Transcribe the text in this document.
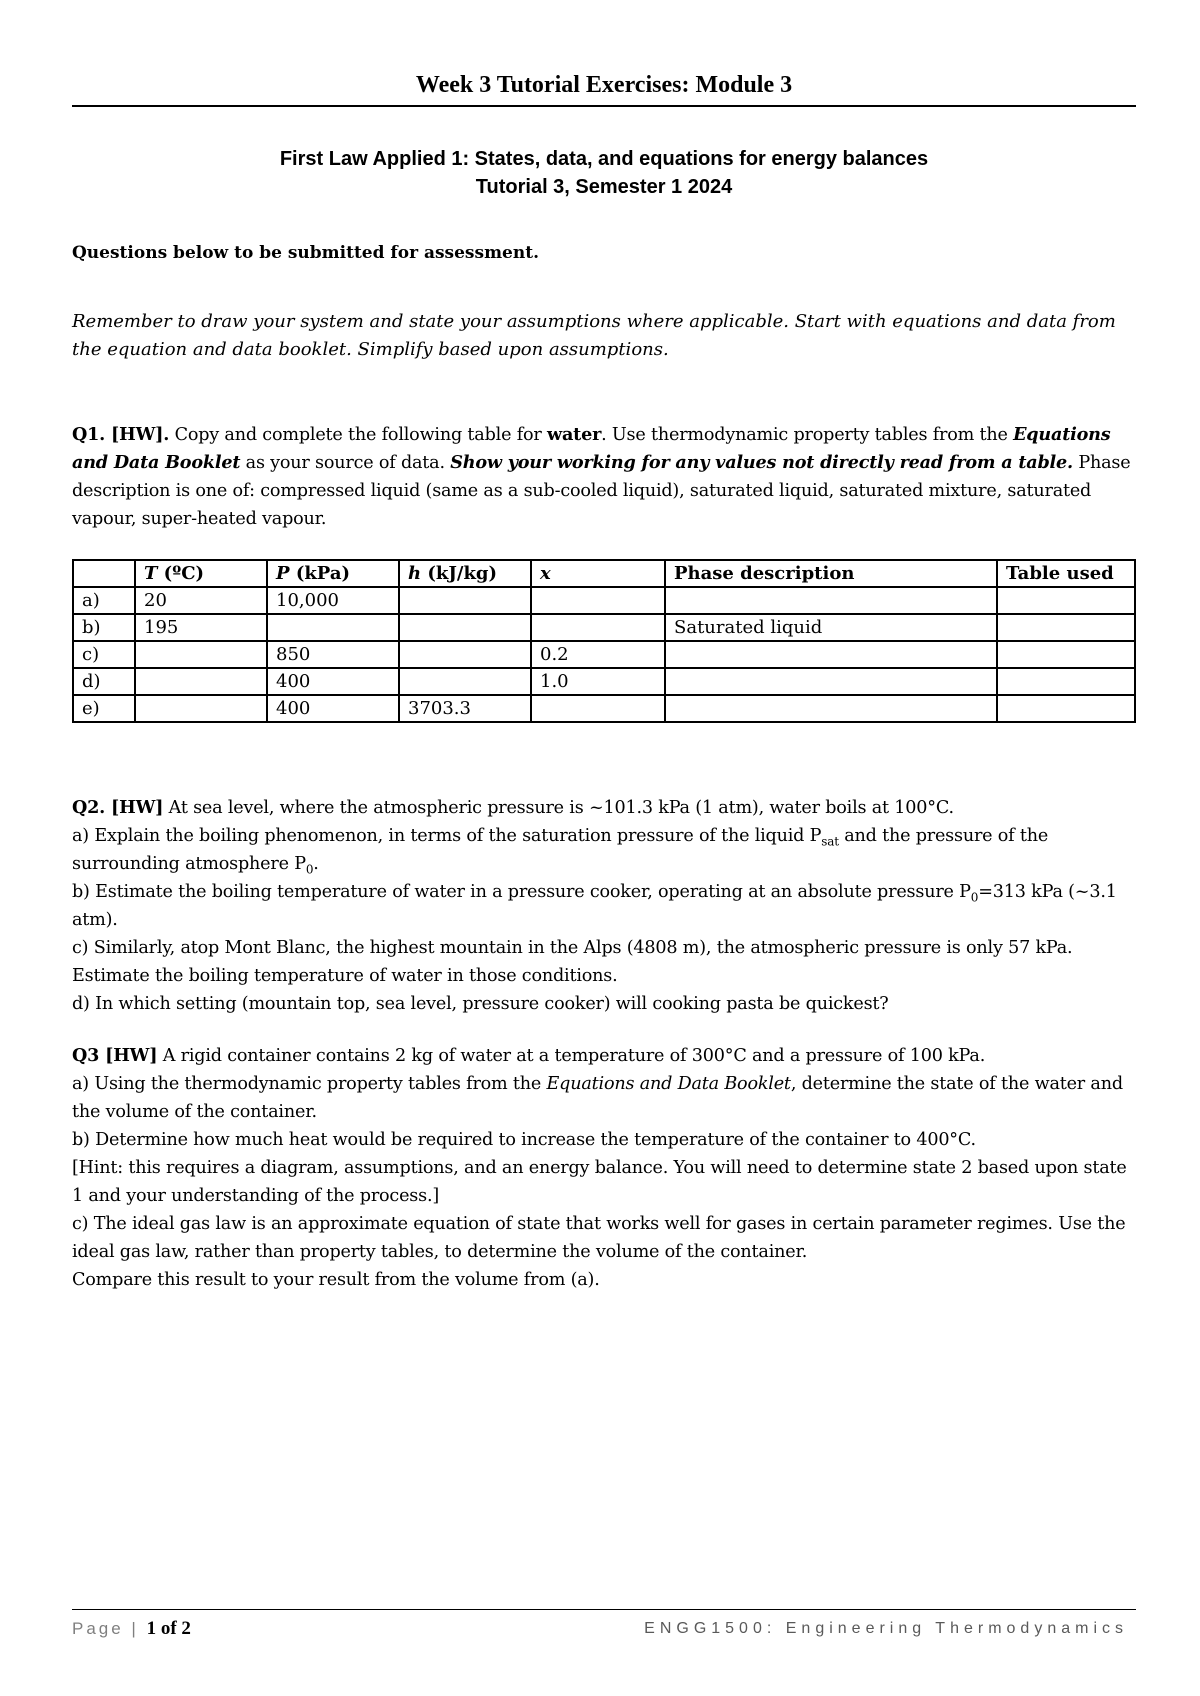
Week 3 Tutorial Exercises: Module 3
First Law Applied 1: States, data, and equations for energy balances
Tutorial 3, Semester 1 2024
Questions below to be submitted for assessment.
Remember to draw your system and state your assumptions where applicable. Start with equations and data from the equation and data booklet. Simplify based upon assumptions.

Q1. [HW]. Copy and complete the following table for water. Use thermodynamic property tables from the Equations and Data Booklet as your source of data. Show your working for any values not directly read from a table. Phase description is one of: compressed liquid (same as a sub-cooled liquid), saturated liquid, saturated mixture, saturated vapour, super-heated vapour.

	T (ºC)	P (kPa)	h (kJ/kg)	x	Phase description	Table used
a)	20	10,000				
b)	195				Saturated liquid	
c)		850		0.2		
d)		400		1.0		
e)		400	3703.3			

Q2. [HW] At sea level, where the atmospheric pressure is ~101.3 kPa (1 atm), water boils at 100°C.

a) Explain the boiling phenomenon, in terms of the saturation pressure of the liquid $P_{sat}$ and the pressure of the surrounding atmosphere $P_0$.

b) Estimate the boiling temperature of water in a pressure cooker, operating at an absolute pressure $P_0=313$ kPa (~3.1 atm).

c) Similarly, atop Mont Blanc, the highest mountain in the Alps (4808 m), the atmospheric pressure is only 57 kPa. Estimate the boiling temperature of water in those conditions.

d) In which setting (mountain top, sea level, pressure cooker) will cooking pasta be quickest?

Q3 [HW] A rigid container contains 2 kg of water at a temperature of 300°C and a pressure of 100 kPa.

a) Using the thermodynamic property tables from the Equations and Data Booklet, determine the state of the water and the volume of the container.

b) Determine how much heat would be required to increase the temperature of the container to 400°C.

[Hint: this requires a diagram, assumptions, and an energy balance. You will need to determine state 2 based upon state 1 and your understanding of the process.]

c) The ideal gas law is an approximate equation of state that works well for gases in certain parameter regimes. Use the ideal gas law, rather than property tables, to determine the volume of the container.

Compare this result to your result from the volume from (a).

Page | 1 of 2	ENGG1500: Engineering Thermodynamics
